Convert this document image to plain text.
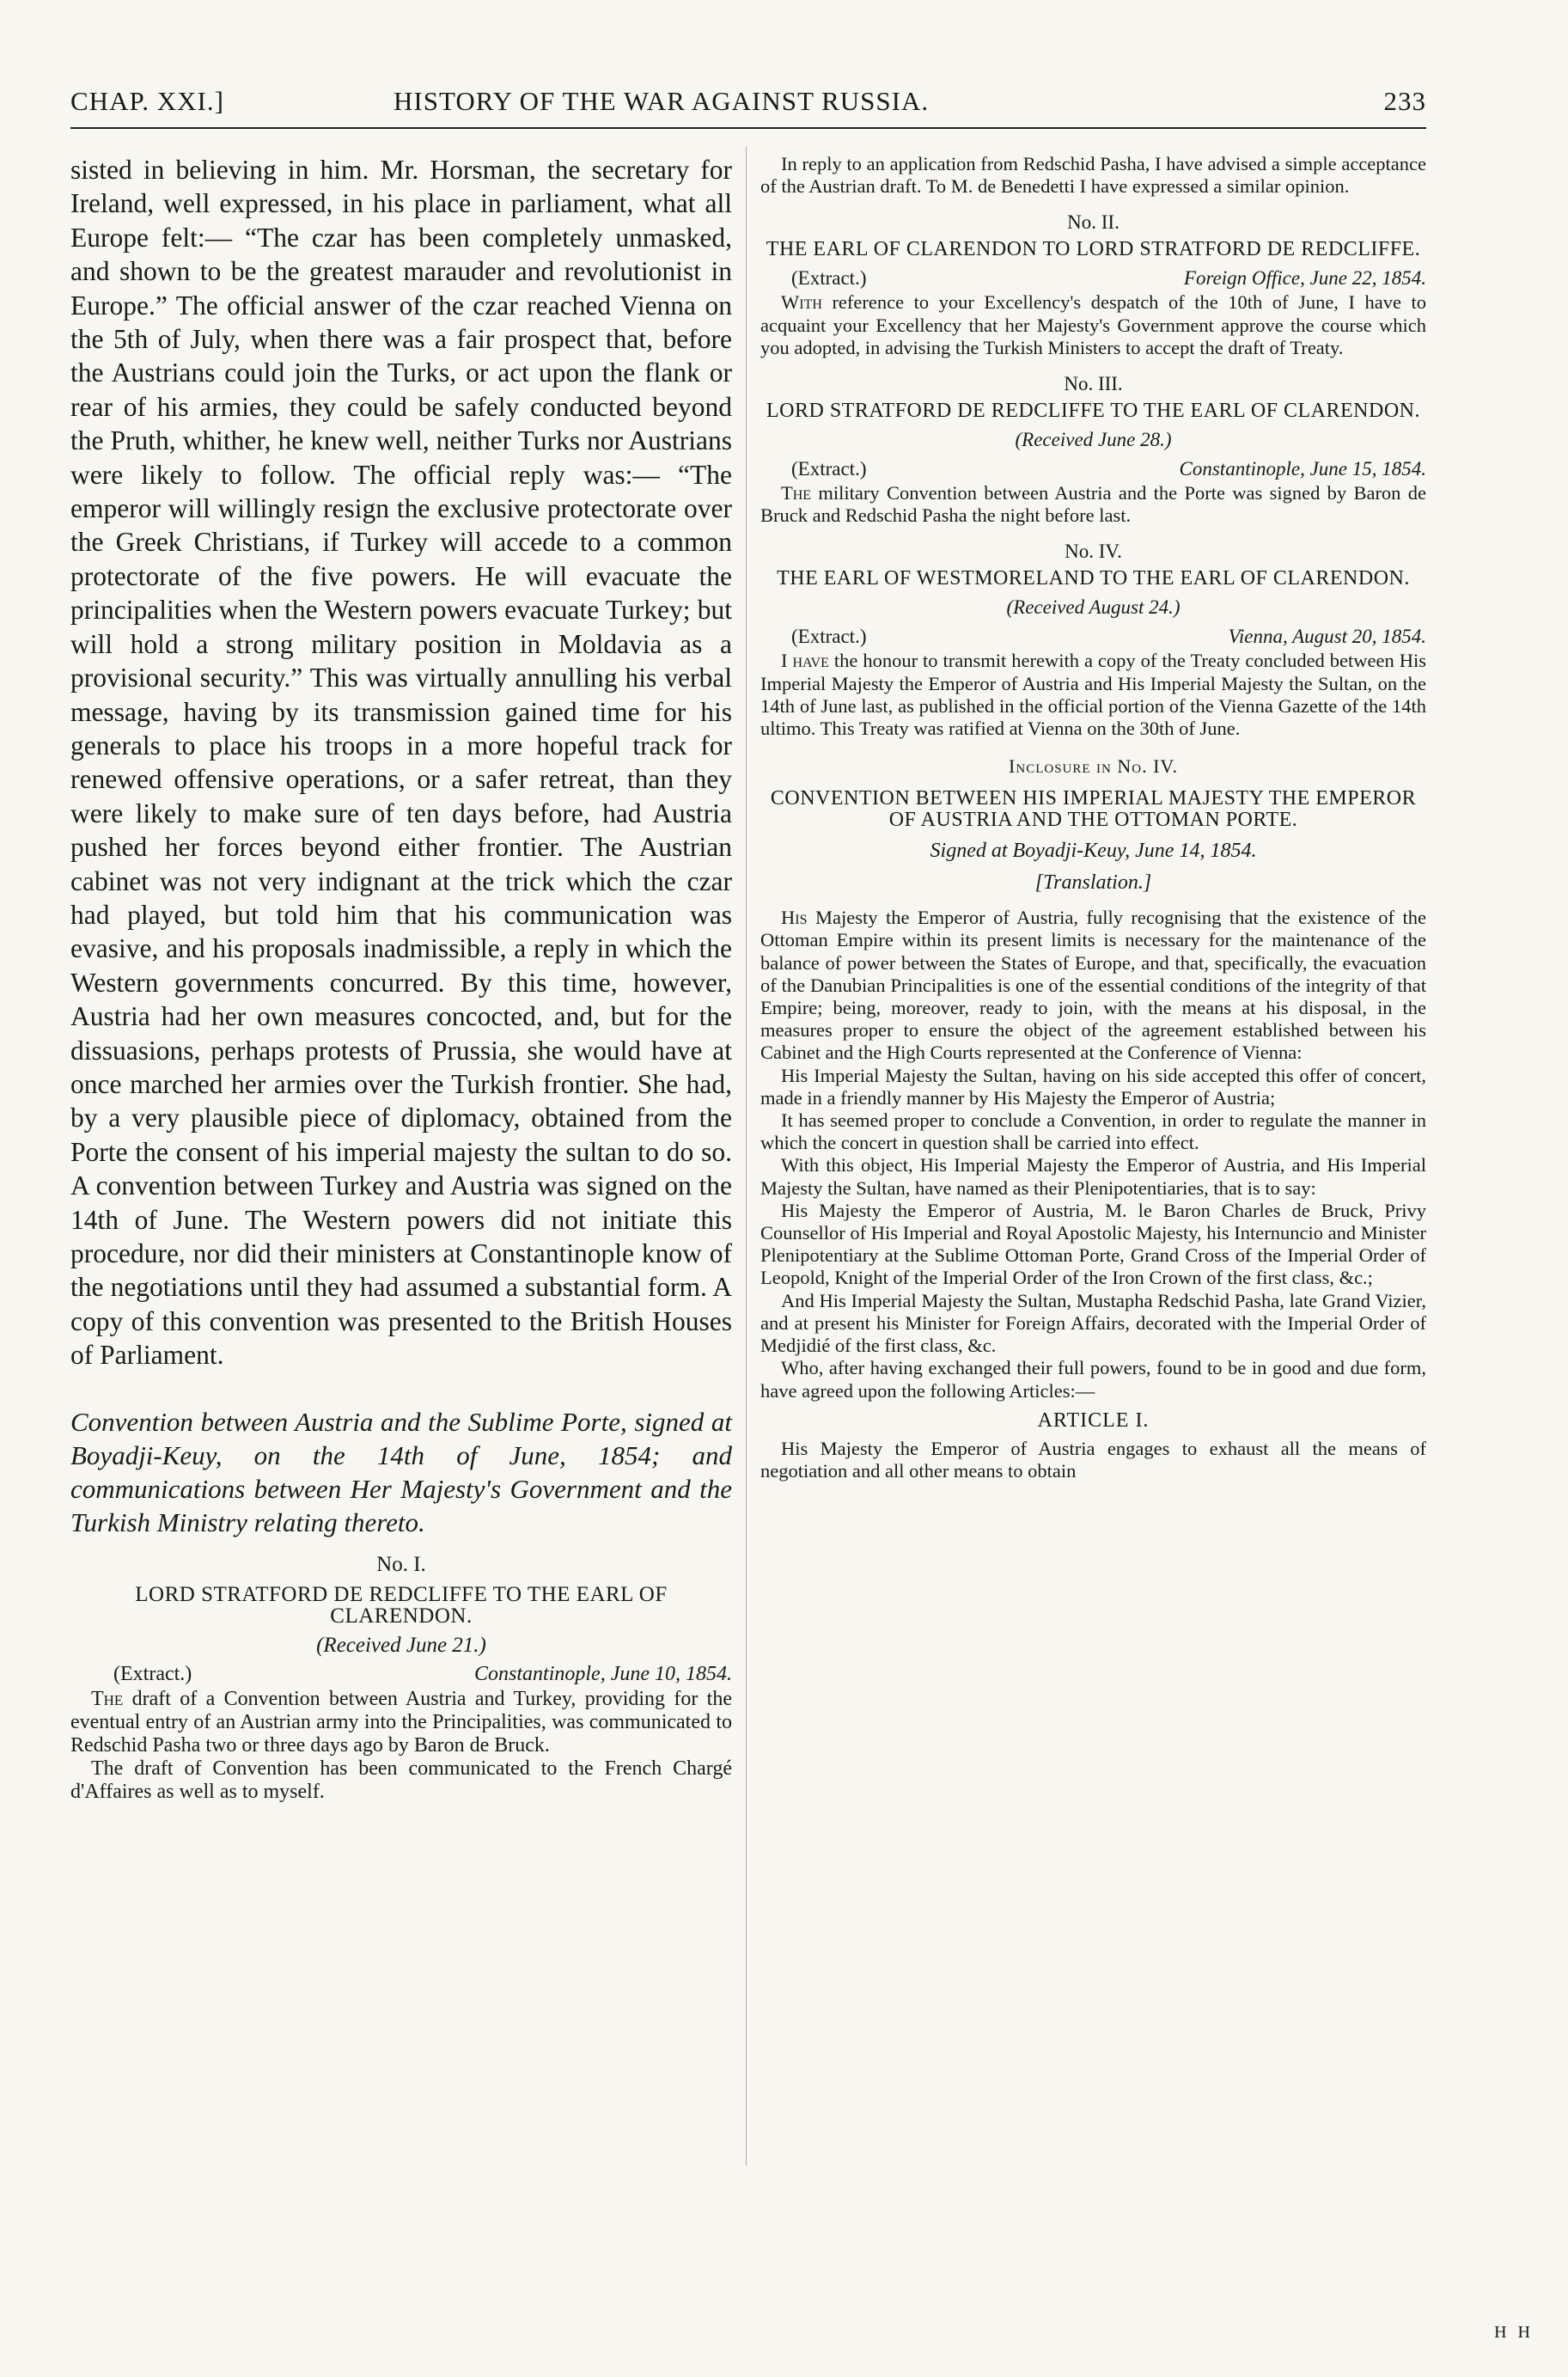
CHAP. XXI.]	HISTORY OF THE WAR AGAINST RUSSIA.	233

sisted in believing in him. Mr. Horsman, the secretary for Ireland, well expressed, in his place in parliament, what all Europe felt:— “The czar has been completely unmasked, and shown to be the greatest marauder and revolutionist in Europe.” The official answer of the czar reached Vienna on the 5th of July, when there was a fair prospect that, before the Austrians could join the Turks, or act upon the flank or rear of his armies, they could be safely conducted beyond the Pruth, whither, he knew well, neither Turks nor Austrians were likely to follow. The official reply was:— “The emperor will willingly resign the exclusive protectorate over the Greek Christians, if Turkey will accede to a common protectorate of the five powers. He will evacuate the principalities when the Western powers evacuate Turkey; but will hold a strong military position in Moldavia as a provisional security.” This was virtually annulling his verbal message, having by its transmission gained time for his generals to place his troops in a more hopeful track for renewed offensive operations, or a safer retreat, than they were likely to make sure of ten days before, had Austria pushed her forces beyond either frontier. The Austrian cabinet was not very indignant at the trick which the czar had played, but told him that his communication was evasive, and his proposals inadmissible, a reply in which the Western governments concurred. By this time, however, Austria had her own measures concocted, and, but for the dissuasions, perhaps protests of Prussia, she would have at once marched her armies over the Turkish frontier. She had, by a very plausible piece of diplomacy, obtained from the Porte the consent of his imperial majesty the sultan to do so. A convention between Turkey and Austria was signed on the 14th of June. The Western powers did not initiate this procedure, nor did their ministers at Constantinople know of the negotiations until they had assumed a substantial form. A copy of this convention was presented to the British Houses of Parliament.

Convention between Austria and the Sublime Porte, signed at Boyadji-Keuy, on the 14th of June, 1854; and communications between Her Majesty's Government and the Turkish Ministry relating thereto.

No. I.
LORD STRATFORD DE REDCLIFFE TO THE EARL OF CLARENDON.
(Received June 21.)
(Extract.)	Constantinople, June 10, 1854.

The draft of a Convention between Austria and Turkey, providing for the eventual entry of an Austrian army into the Principalities, was communicated to Redschid Pasha two or three days ago by Baron de Bruck.

The draft of Convention has been communicated to the French Chargé d'Affaires as well as to myself.

In reply to an application from Redschid Pasha, I have advised a simple acceptance of the Austrian draft. To M. de Benedetti I have expressed a similar opinion.

No. II.
THE EARL OF CLARENDON TO LORD STRATFORD DE REDCLIFFE.
(Extract.)	Foreign Office, June 22, 1854.

With reference to your Excellency's despatch of the 10th of June, I have to acquaint your Excellency that her Majesty's Government approve the course which you adopted, in advising the Turkish Ministers to accept the draft of Treaty.

No. III.
LORD STRATFORD DE REDCLIFFE TO THE EARL OF CLARENDON.
(Received June 28.)
(Extract.)	Constantinople, June 15, 1854.

The military Convention between Austria and the Porte was signed by Baron de Bruck and Redschid Pasha the night before last.

No. IV.
THE EARL OF WESTMORELAND TO THE EARL OF CLARENDON.
(Received August 24.)
(Extract.)	Vienna, August 20, 1854.

I have the honour to transmit herewith a copy of the Treaty concluded between His Imperial Majesty the Emperor of Austria and His Imperial Majesty the Sultan, on the 14th of June last, as published in the official portion of the Vienna Gazette of the 14th ultimo. This Treaty was ratified at Vienna on the 30th of June.

Inclosure in No. IV.
CONVENTION BETWEEN HIS IMPERIAL MAJESTY THE EMPEROR OF AUSTRIA AND THE OTTOMAN PORTE.
Signed at Boyadji-Keuy, June 14, 1854.
[Translation.]

His Majesty the Emperor of Austria, fully recognising that the existence of the Ottoman Empire within its present limits is necessary for the maintenance of the balance of power between the States of Europe, and that, specifically, the evacuation of the Danubian Principalities is one of the essential conditions of the integrity of that Empire; being, moreover, ready to join, with the means at his disposal, in the measures proper to ensure the object of the agreement established between his Cabinet and the High Courts represented at the Conference of Vienna:

His Imperial Majesty the Sultan, having on his side accepted this offer of concert, made in a friendly manner by His Majesty the Emperor of Austria;

It has seemed proper to conclude a Convention, in order to regulate the manner in which the concert in question shall be carried into effect.

With this object, His Imperial Majesty the Emperor of Austria, and His Imperial Majesty the Sultan, have named as their Plenipotentiaries, that is to say:

His Majesty the Emperor of Austria, M. le Baron Charles de Bruck, Privy Counsellor of His Imperial and Royal Apostolic Majesty, his Internuncio and Minister Plenipotentiary at the Sublime Ottoman Porte, Grand Cross of the Imperial Order of Leopold, Knight of the Imperial Order of the Iron Crown of the first class, &c.;

And His Imperial Majesty the Sultan, Mustapha Redschid Pasha, late Grand Vizier, and at present his Minister for Foreign Affairs, decorated with the Imperial Order of Medjidié of the first class, &c.

Who, after having exchanged their full powers, found to be in good and due form, have agreed upon the following Articles:—

ARTICLE I.

His Majesty the Emperor of Austria engages to exhaust all the means of negotiation and all other means to obtain

H H
